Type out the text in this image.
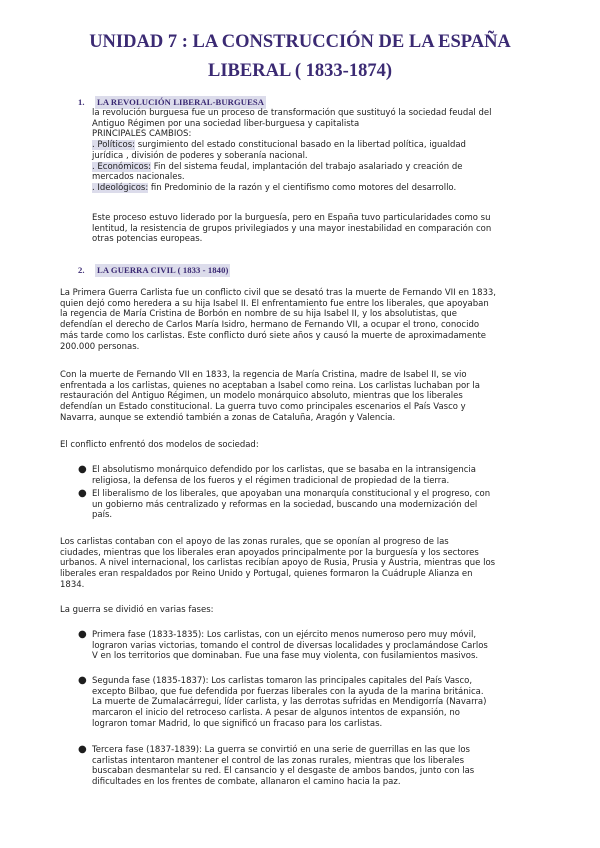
UNIDAD 7 : LA CONSTRUCCIÓN DE LA ESPAÑA
LIBERAL ( 1833-1874)
1. LA REVOLUCIÓN LIBERAL-BURGUESA
la revolución burguesa fue un proceso de transformación que sustituyó la sociedad feudal del
Antiguo Régimen por una sociedad liber-burguesa y capitalista
PRINCIPALES CAMBIOS:
. Políticos: surgimiento del estado constitucional basado en la libertad política, igualdad
jurídica , división de poderes y soberanía nacional.
. Económicos: Fin del sistema feudal, implantación del trabajo asalariado y creación de
mercados nacionales.
. Ideológicos: fin Predominio de la razón y el cientifismo como motores del desarrollo.
Este proceso estuvo liderado por la burguesía, pero en España tuvo particularidades como su
lentitud, la resistencia de grupos privilegiados y una mayor inestabilidad en comparación con
otras potencias europeas.
2. LA GUERRA CIVIL ( 1833 - 1840)
La Primera Guerra Carlista fue un conflicto civil que se desató tras la muerte de Fernando VII en 1833,
quien dejó como heredera a su hija Isabel II. El enfrentamiento fue entre los liberales, que apoyaban
la regencia de María Cristina de Borbón en nombre de su hija Isabel II, y los absolutistas, que
defendían el derecho de Carlos María Isidro, hermano de Fernando VII, a ocupar el trono, conocido
más tarde como los carlistas. Este conflicto duró siete años y causó la muerte de aproximadamente
200.000 personas.
Con la muerte de Fernando VII en 1833, la regencia de María Cristina, madre de Isabel II, se vio
enfrentada a los carlistas, quienes no aceptaban a Isabel como reina. Los carlistas luchaban por la
restauración del Antiguo Régimen, un modelo monárquico absoluto, mientras que los liberales
defendían un Estado constitucional. La guerra tuvo como principales escenarios el País Vasco y
Navarra, aunque se extendió también a zonas de Cataluña, Aragón y Valencia.
El conflicto enfrentó dos modelos de sociedad:
● El absolutismo monárquico defendido por los carlistas, que se basaba en la intransigencia
religiosa, la defensa de los fueros y el régimen tradicional de propiedad de la tierra.
● El liberalismo de los liberales, que apoyaban una monarquía constitucional y el progreso, con
un gobierno más centralizado y reformas en la sociedad, buscando una modernización del
país.
Los carlistas contaban con el apoyo de las zonas rurales, que se oponían al progreso de las
ciudades, mientras que los liberales eran apoyados principalmente por la burguesía y los sectores
urbanos. A nivel internacional, los carlistas recibían apoyo de Rusia, Prusia y Austria, mientras que los
liberales eran respaldados por Reino Unido y Portugal, quienes formaron la Cuádruple Alianza en
1834.
La guerra se dividió en varias fases:
● Primera fase (1833-1835): Los carlistas, con un ejército menos numeroso pero muy móvil,
lograron varias victorias, tomando el control de diversas localidades y proclamándose Carlos
V en los territorios que dominaban. Fue una fase muy violenta, con fusilamientos masivos.
● Segunda fase (1835-1837): Los carlistas tomaron las principales capitales del País Vasco,
excepto Bilbao, que fue defendida por fuerzas liberales con la ayuda de la marina británica.
La muerte de Zumalacárregui, líder carlista, y las derrotas sufridas en Mendigorría (Navarra)
marcaron el inicio del retroceso carlista. A pesar de algunos intentos de expansión, no
lograron tomar Madrid, lo que significó un fracaso para los carlistas.
● Tercera fase (1837-1839): La guerra se convirtió en una serie de guerrillas en las que los
carlistas intentaron mantener el control de las zonas rurales, mientras que los liberales
buscaban desmantelar su red. El cansancio y el desgaste de ambos bandos, junto con las
dificultades en los frentes de combate, allanaron el camino hacia la paz.
